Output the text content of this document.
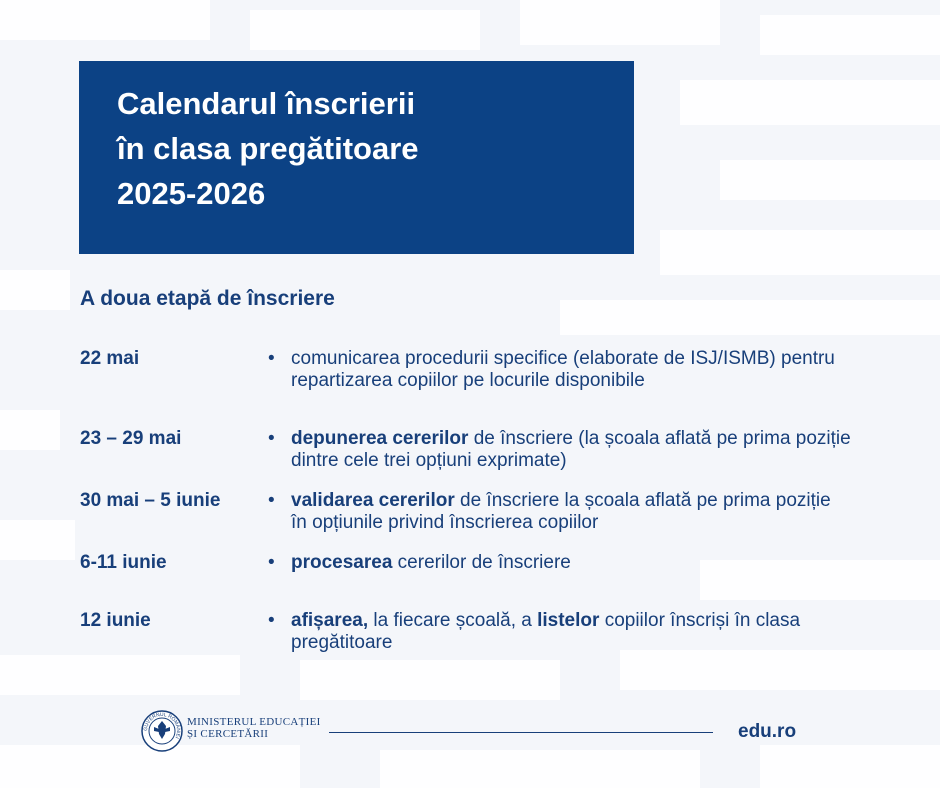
Calendarul înscrierii

în clasa pregătitoare

2025-2026

A doua etapă de înscriere
22 mai	• comunicarea procedurii specifice (elaborate de ISJ/ISMB) pentru repartizarea copiilor pe locurile disponibile
23 – 29 mai	• depunerea cererilor de înscriere (la școala aflată pe prima poziție dintre cele trei opțiuni exprimate)
30 mai – 5 iunie	• validarea cererilor de înscriere la școala aflată pe prima poziție în opțiunile privind înscrierea copiilor
6-11 iunie	• procesarea cererilor de înscriere
12 iunie	• afișarea, la fiecare școală, a listelor copiilor înscriși în clasa pregătitoare
GUVERNUL ROMÂNIEI
MINISTERUL EDUCAȚIEI
ȘI CERCETĂRII	edu.ro
